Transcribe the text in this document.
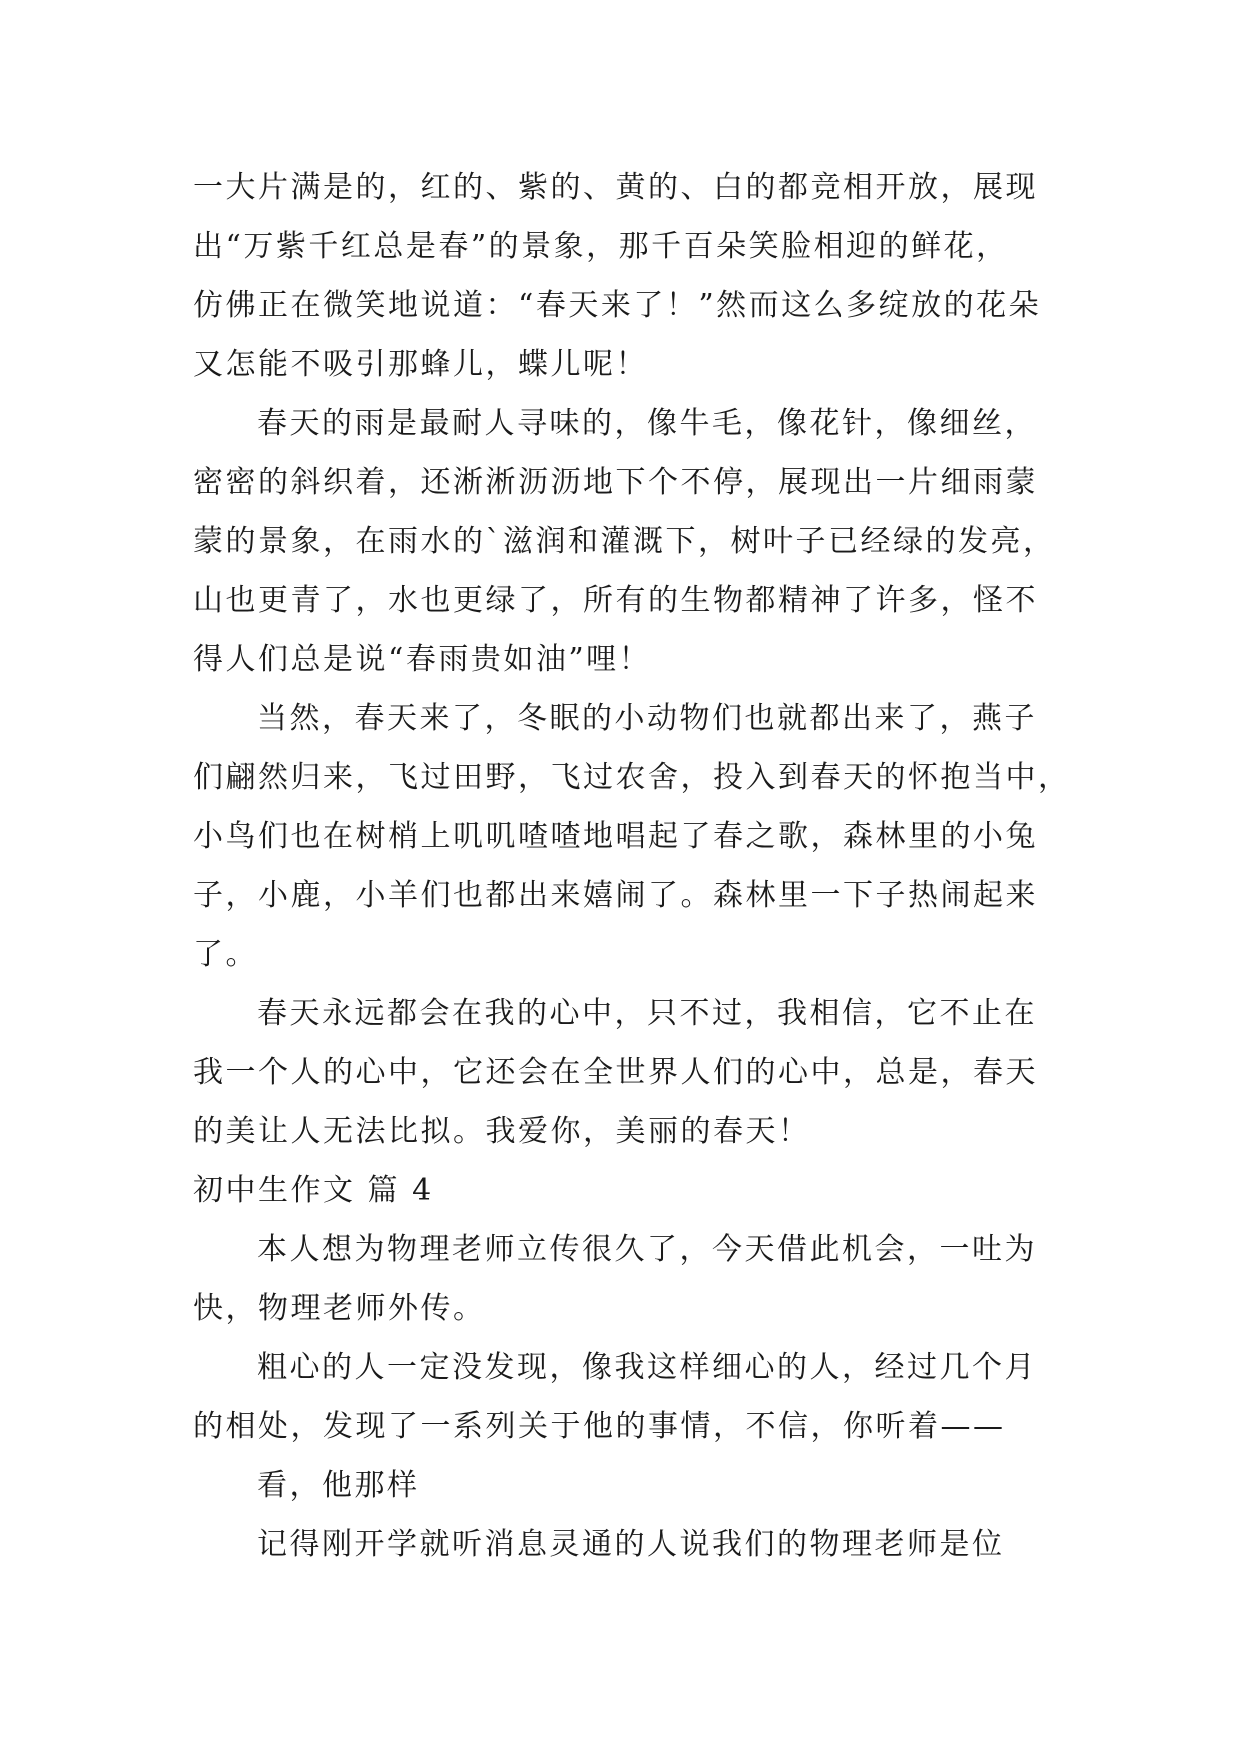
一大片满是的，红的、紫的、黄的、白的都竞相开放，展现
出“万紫千红总是春”的景象，那千百朵笑脸相迎的鲜花，
仿佛正在微笑地说道：“春天来了！”然而这么多绽放的花朵
又怎能不吸引那蜂儿，蝶儿呢！
春天的雨是最耐人寻味的，像牛毛，像花针，像细丝，
密密的斜织着，还淅淅沥沥地下个不停，展现出一片细雨蒙
蒙的景象，在雨水的`滋润和灌溉下，树叶子已经绿的发亮，
山也更青了，水也更绿了，所有的生物都精神了许多，怪不
得人们总是说“春雨贵如油”哩！
当然，春天来了，冬眠的小动物们也就都出来了，燕子
们翩然归来，飞过田野，飞过农舍，投入到春天的怀抱当中，
小鸟们也在树梢上叽叽喳喳地唱起了春之歌，森林里的小兔
子，小鹿，小羊们也都出来嬉闹了。森林里一下子热闹起来
了。
春天永远都会在我的心中，只不过，我相信，它不止在
我一个人的心中，它还会在全世界人们的心中，总是，春天
的美让人无法比拟。我爱你，美丽的春天！
初中生作文 篇 4
本人想为物理老师立传很久了，今天借此机会，一吐为
快，物理老师外传。
粗心的人一定没发现，像我这样细心的人，经过几个月
的相处，发现了一系列关于他的事情，不信，你听着——
看，他那样
记得刚开学就听消息灵通的人说我们的物理老师是位
